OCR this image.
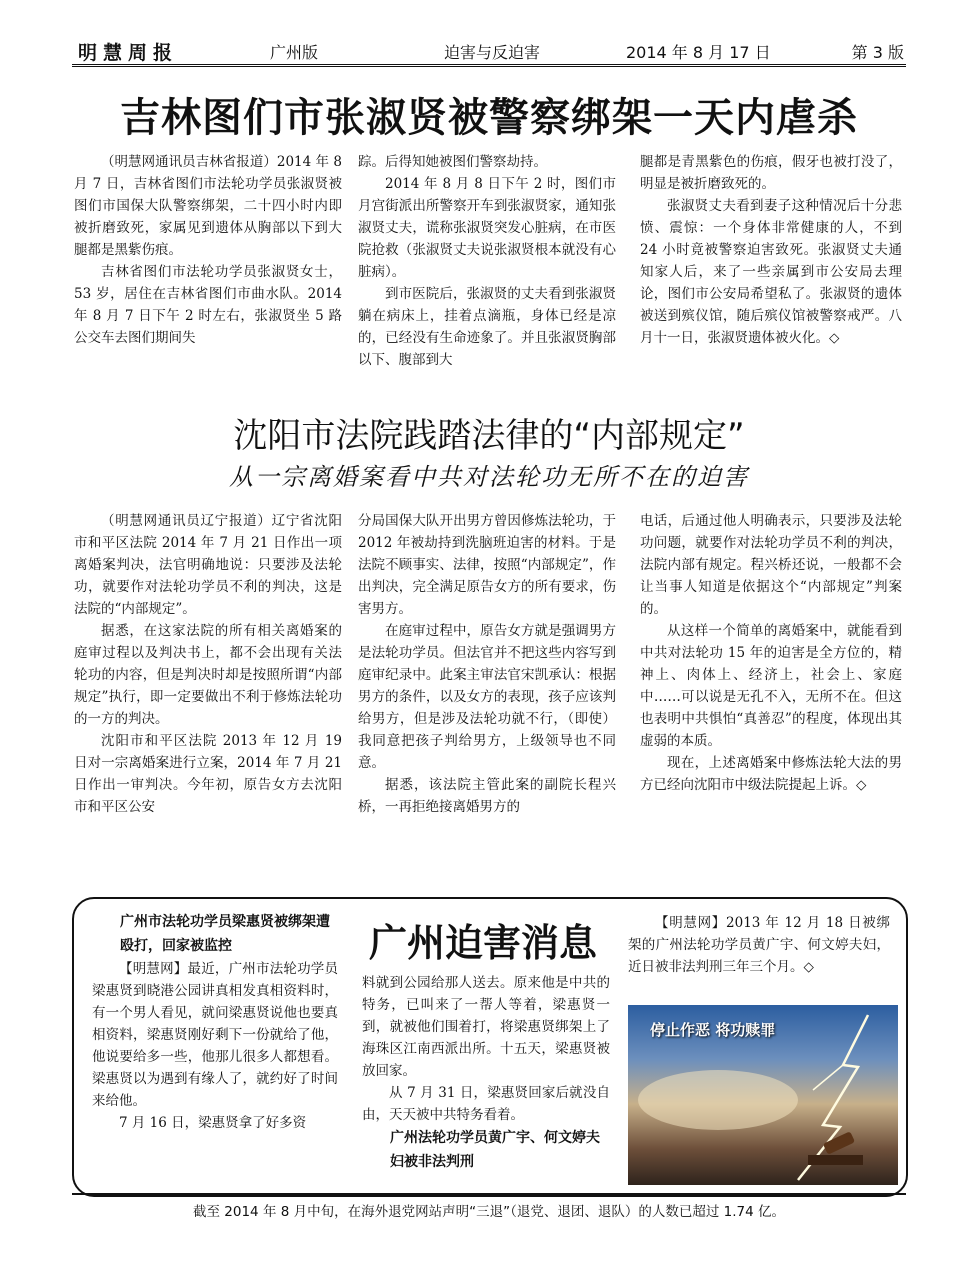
明慧周报	广州版	迫害与反迫害	2014 年 8 月 17 日	第 3 版
吉林图们市张淑贤被警察绑架一天内虐杀

（明慧网通讯员吉林省报道）2014 年 8 月 7 日，吉林省图们市法轮功学员张淑贤被图们市国保大队警察绑架，二十四小时内即被折磨致死，家属见到遗体从胸部以下到大腿都是黑紫伤痕。

吉林省图们市法轮功学员张淑贤女士，53 岁，居住在吉林省图们市曲水队。2014 年 8 月 7 日下午 2 时左右，张淑贤坐 5 路公交车去图们期间失

踪。后得知她被图们警察劫持。

2014 年 8 月 8 日下午 2 时，图们市月宫街派出所警察开车到张淑贤家，通知张淑贤丈夫，谎称张淑贤突发心脏病，在市医院抢救（张淑贤丈夫说张淑贤根本就没有心脏病）。

到市医院后，张淑贤的丈夫看到张淑贤躺在病床上，挂着点滴瓶，身体已经是凉的，已经没有生命迹象了。并且张淑贤胸部以下、腹部到大

腿都是青黑紫色的伤痕，假牙也被打没了，明显是被折磨致死的。

张淑贤丈夫看到妻子这种情况后十分悲愤、震惊：一个身体非常健康的人，不到 24 小时竟被警察迫害致死。张淑贤丈夫通知家人后，来了一些亲属到市公安局去理论，图们市公安局希望私了。张淑贤的遗体被送到殡仪馆，随后殡仪馆被警察戒严。八月十一日，张淑贤遗体被火化。◇

沈阳市法院践踏法律的“内部规定”
从一宗离婚案看中共对法轮功无所不在的迫害

（明慧网通讯员辽宁报道）辽宁省沈阳市和平区法院 2014 年 7 月 21 日作出一项离婚案判决，法官明确地说：只要涉及法轮功，就要作对法轮功学员不利的判决，这是法院的“内部规定”。

据悉，在这家法院的所有相关离婚案的庭审过程以及判决书上，都不会出现有关法轮功的内容，但是判决时却是按照所谓“内部规定”执行，即一定要做出不利于修炼法轮功的一方的判决。

沈阳市和平区法院 2013 年 12 月 19 日对一宗离婚案进行立案，2014 年 7 月 21 日作出一审判决。今年初，原告女方去沈阳市和平区公安

分局国保大队开出男方曾因修炼法轮功，于 2012 年被劫持到洗脑班迫害的材料。于是法院不顾事实、法律，按照“内部规定”，作出判决，完全满足原告女方的所有要求，伤害男方。

在庭审过程中，原告女方就是强调男方是法轮功学员。但法官并不把这些内容写到庭审纪录中。此案主审法官宋凯承认：根据男方的条件，以及女方的表现，孩子应该判给男方，但是涉及法轮功就不行，（即使）我同意把孩子判给男方，上级领导也不同意。

据悉，该法院主管此案的副院长程兴桥，一再拒绝接离婚男方的

电话，后通过他人明确表示，只要涉及法轮功问题，就要作对法轮功学员不利的判决，法院内部有规定。程兴桥还说，一般都不会让当事人知道是依据这个“内部规定”判案的。

从这样一个简单的离婚案中，就能看到中共对法轮功 15 年的迫害是全方位的，精神上、肉体上、经济上，社会上、家庭中……可以说是无孔不入，无所不在。但这也表明中共惧怕“真善忍”的程度，体现出其虚弱的本质。

现在，上述离婚案中修炼法轮大法的男方已经向沈阳市中级法院提起上诉。◇

广州迫害消息
广州市法轮功学员梁惠贤被绑架遭殴打，回家被监控

【明慧网】最近，广州市法轮功学员梁惠贤到晓港公园讲真相发真相资料时，有一个男人看见，就问梁惠贤说他也要真相资料，梁惠贤刚好剩下一份就给了他，他说要给多一些，他那儿很多人都想看。梁惠贤以为遇到有缘人了，就约好了时间来给他。

7 月 16 日，梁惠贤拿了好多资

料就到公园给那人送去。原来他是中共的特务，已叫来了一帮人等着，梁惠贤一到，就被他们围着打，将梁惠贤绑架上了海珠区江南西派出所。十五天，梁惠贤被放回家。

从 7 月 31 日，梁惠贤回家后就没自由，天天被中共特务看着。

广州法轮功学员黄广宇、何文婷夫妇被非法判刑

【明慧网】2013 年 12 月 18 日被绑架的广州法轮功学员黄广宇、何文婷夫妇，近日被非法判刑三年三个月。◇

停止作恶 将功赎罪
截至 2014 年 8 月中旬，在海外退党网站声明“三退”（退党、退团、退队）的人数已超过 1.74 亿。
